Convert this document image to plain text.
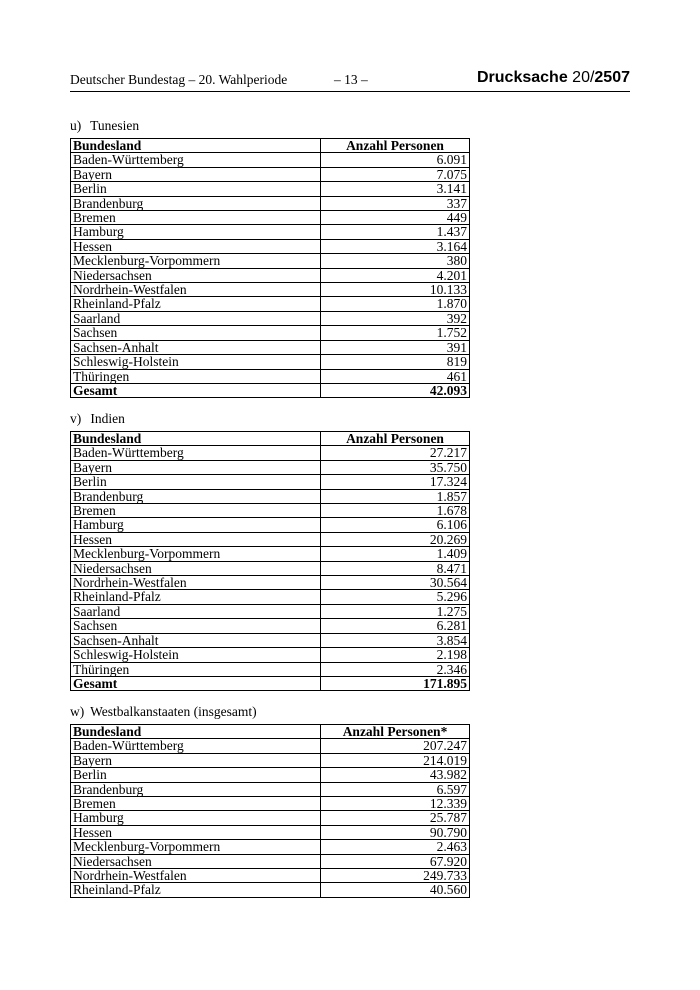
Deutscher Bundestag – 20. Wahlperiode	– 13 –	Drucksache 20/2507
u) Tunesien
Bundesland	Anzahl Personen
Baden-Württemberg	6.091
Bayern	7.075
Berlin	3.141
Brandenburg	337
Bremen	449
Hamburg	1.437
Hessen	3.164
Mecklenburg-Vorpommern	380
Niedersachsen	4.201
Nordrhein-Westfalen	10.133
Rheinland-Pfalz	1.870
Saarland	392
Sachsen	1.752
Sachsen-Anhalt	391
Schleswig-Holstein	819
Thüringen	461
Gesamt	42.093
v) Indien
Bundesland	Anzahl Personen
Baden-Württemberg	27.217
Bayern	35.750
Berlin	17.324
Brandenburg	1.857
Bremen	1.678
Hamburg	6.106
Hessen	20.269
Mecklenburg-Vorpommern	1.409
Niedersachsen	8.471
Nordrhein-Westfalen	30.564
Rheinland-Pfalz	5.296
Saarland	1.275
Sachsen	6.281
Sachsen-Anhalt	3.854
Schleswig-Holstein	2.198
Thüringen	2.346
Gesamt	171.895
w) Westbalkanstaaten (insgesamt)
Bundesland	Anzahl Personen*
Baden-Württemberg	207.247
Bayern	214.019
Berlin	43.982
Brandenburg	6.597
Bremen	12.339
Hamburg	25.787
Hessen	90.790
Mecklenburg-Vorpommern	2.463
Niedersachsen	67.920
Nordrhein-Westfalen	249.733
Rheinland-Pfalz	40.560
